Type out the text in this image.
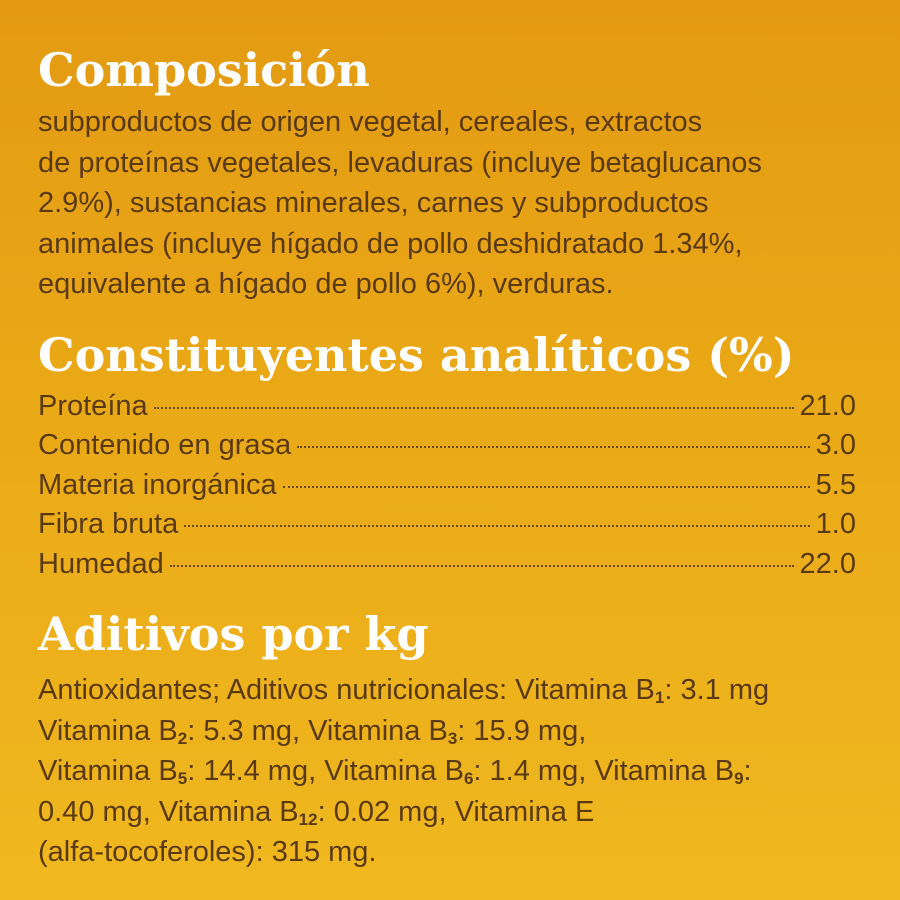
Composición
subproductos de origen vegetal, cereales, extractos
de proteínas vegetales, levaduras (incluye betaglucanos
2.9%), sustancias minerales, carnes y subproductos
animales (incluye hígado de pollo deshidratado 1.34%,
equivalente a hígado de pollo 6%), verduras.
Constituyentes analíticos (%)
Proteína	21.0
Contenido en grasa	3.0
Materia inorgánica	5.5
Fibra bruta	1.0
Humedad	22.0
Aditivos por kg
Antioxidantes; Aditivos nutricionales: Vitamina $B_1$: 3.1 mg
Vitamina $B_2$: 5.3 mg, Vitamina $B_3$: 15.9 mg,
Vitamina $B_5$: 14.4 mg, Vitamina $B_6$: 1.4 mg, Vitamina $B_9$:
0.40 mg, Vitamina $B_{12}$: 0.02 mg, Vitamina E
(alfa-tocoferoles): 315 mg.
